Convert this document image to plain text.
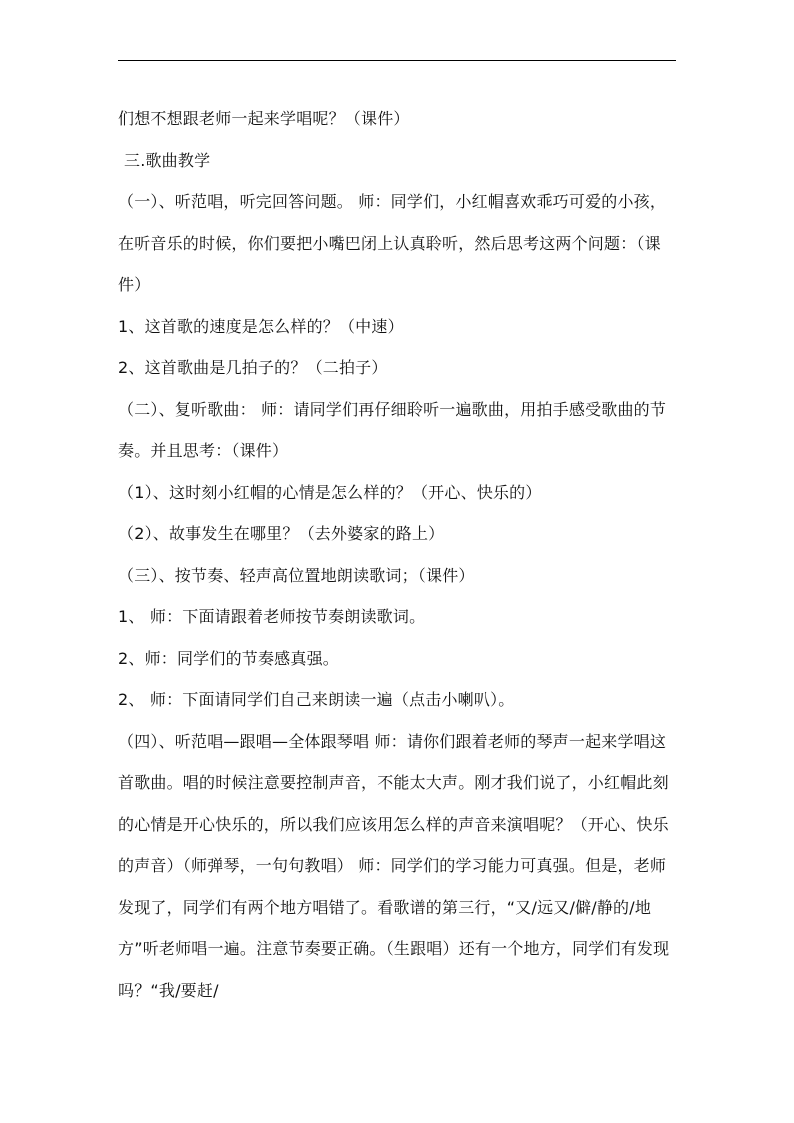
们想不想跟老师一起来学唱呢？（课件）

三.歌曲教学

（一）、听范唱，听完回答问题。 师：同学们，小红帽喜欢乖巧可爱的小孩，在听音乐的时候，你们要把小嘴巴闭上认真聆听，然后思考这两个问题：（课件）

1、这首歌的速度是怎么样的？（中速）

2、这首歌曲是几拍子的？（二拍子）

（二）、复听歌曲： 师：请同学们再仔细聆听一遍歌曲，用拍手感受歌曲的节奏。并且思考：（课件）

（1）、这时刻小红帽的心情是怎么样的？（开心、快乐的）

（2）、故事发生在哪里？（去外婆家的路上）

（三）、按节奏、轻声高位置地朗读歌词；（课件）

1、 师：下面请跟着老师按节奏朗读歌词。

2、师：同学们的节奏感真强。

2、 师：下面请同学们自己来朗读一遍（点击小喇叭）。

（四）、听范唱—跟唱—全体跟琴唱 师：请你们跟着老师的琴声一起来学唱这首歌曲。唱的时候注意要控制声音，不能太大声。刚才我们说了，小红帽此刻的心情是开心快乐的，所以我们应该用怎么样的声音来演唱呢？（开心、快乐的声音）（师弹琴，一句句教唱） 师：同学们的学习能力可真强。但是，老师发现了，同学们有两个地方唱错了。看歌谱的第三行，“又/远又/僻/静的/地方”听老师唱一遍。注意节奏要正确。（生跟唱）还有一个地方，同学们有发现吗？“我/要赶/
